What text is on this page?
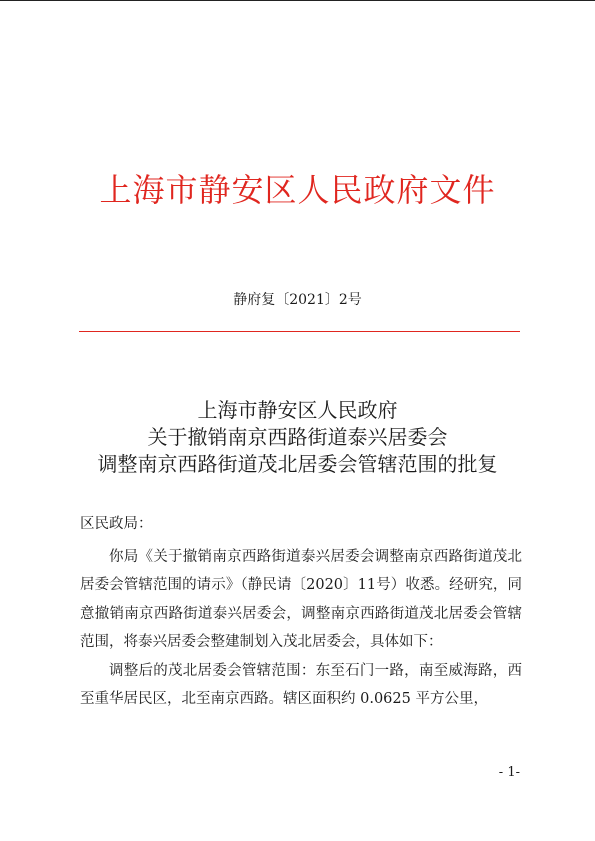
上海市静安区人民政府文件
静府复〔2021〕2号
上海市静安区人民政府
关于撤销南京西路街道泰兴居委会
调整南京西路街道茂北居委会管辖范围的批复

区民政局：

你局《关于撤销南京西路街道泰兴居委会调整南京西路街道茂北居委会管辖范围的请示》（静民请〔2020〕11号）收悉。经研究，同意撤销南京西路街道泰兴居委会，调整南京西路街道茂北居委会管辖范围，将泰兴居委会整建制划入茂北居委会，具体如下：

调整后的茂北居委会管辖范围：东至石门一路，南至威海路，西至重华居民区，北至南京西路。辖区面积约 0.0625 平方公里，

- 1-
